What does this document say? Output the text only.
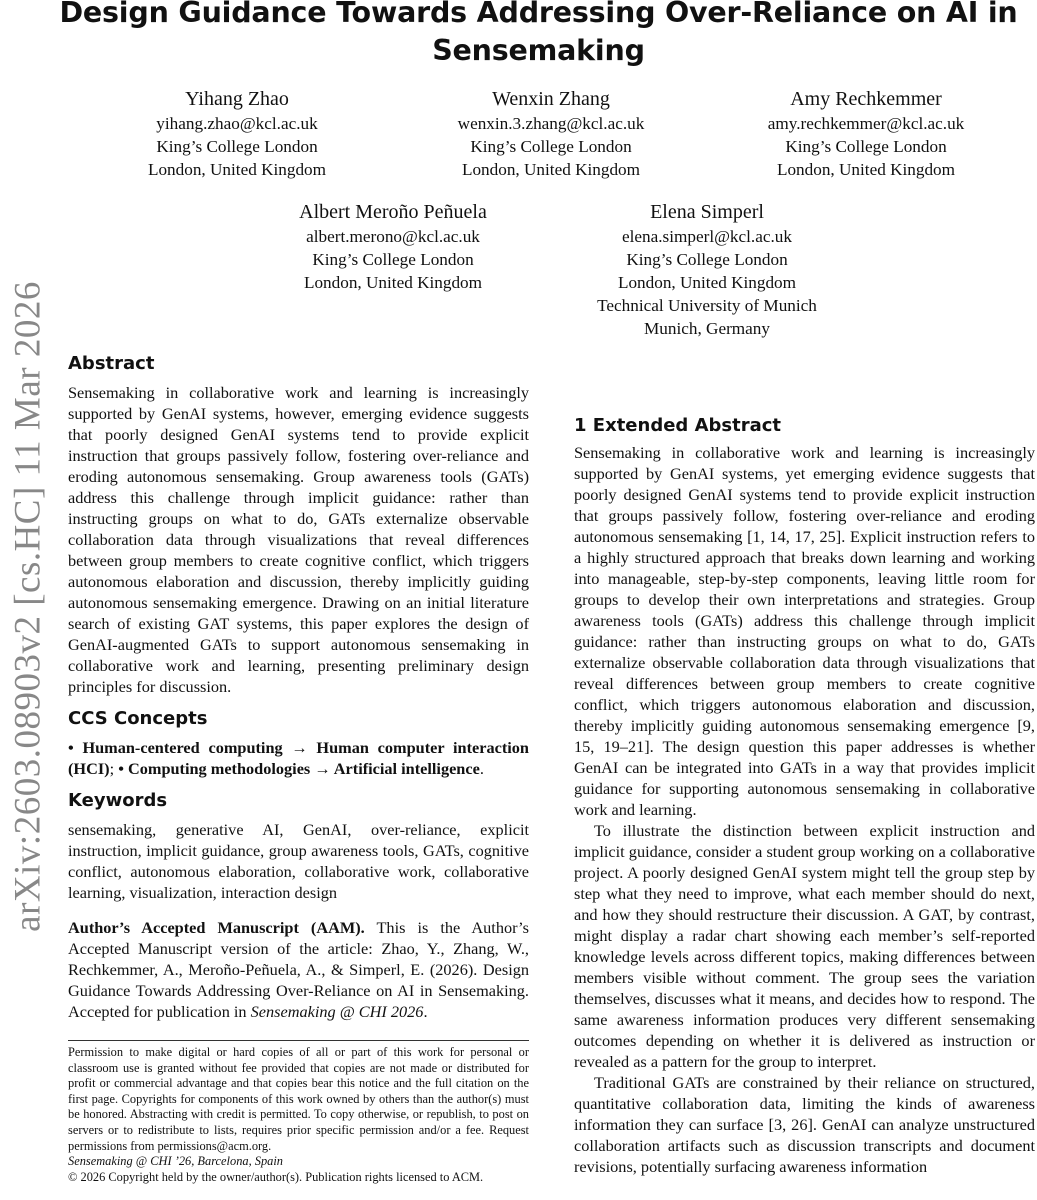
Design Guidance Towards Addressing Over-Reliance on AI in Sensemaking
arXiv:2603.08903v2 [cs.HC] 11 Mar 2026
Yihang Zhao
yihang.zhao@kcl.ac.uk
King’s College London
London, United Kingdom
Wenxin Zhang
wenxin.3.zhang@kcl.ac.uk
King’s College London
London, United Kingdom
Amy Rechkemmer
amy.rechkemmer@kcl.ac.uk
King’s College London
London, United Kingdom
Albert Meroño Peñuela
albert.merono@kcl.ac.uk
King’s College London
London, United Kingdom
Elena Simperl
elena.simperl@kcl.ac.uk
King’s College London
London, United Kingdom
Technical University of Munich
Munich, Germany
Abstract

Sensemaking in collaborative work and learning is increasingly supported by GenAI systems, however, emerging evidence suggests that poorly designed GenAI systems tend to provide explicit instruction that groups passively follow, fostering over-reliance and eroding autonomous sensemaking. Group awareness tools (GATs) address this challenge through implicit guidance: rather than instructing groups on what to do, GATs externalize observable collaboration data through visualizations that reveal differences between group members to create cognitive conflict, which triggers autonomous elaboration and discussion, thereby implicitly guiding autonomous sensemaking emergence. Drawing on an initial literature search of existing GAT systems, this paper explores the design of GenAI-augmented GATs to support autonomous sensemaking in collaborative work and learning, presenting preliminary design principles for discussion.

CCS Concepts

• Human-centered computing → Human computer interaction (HCI); • Computing methodologies → Artificial intelligence.

Keywords

sensemaking, generative AI, GenAI, over-reliance, explicit instruction, implicit guidance, group awareness tools, GATs, cognitive conflict, autonomous elaboration, collaborative work, collaborative learning, visualization, interaction design

Author’s Accepted Manuscript (AAM). This is the Author’s Accepted Manuscript version of the article: Zhao, Y., Zhang, W., Rechkemmer, A., Meroño-Peñuela, A., & Simperl, E. (2026). Design Guidance Towards Addressing Over-Reliance on AI in Sensemaking. Accepted for publication in Sensemaking @ CHI 2026.

Permission to make digital or hard copies of all or part of this work for personal or classroom use is granted without fee provided that copies are not made or distributed for profit or commercial advantage and that copies bear this notice and the full citation on the first page. Copyrights for components of this work owned by others than the author(s) must be honored. Abstracting with credit is permitted. To copy otherwise, or republish, to post on servers or to redistribute to lists, requires prior specific permission and/or a fee. Request permissions from permissions@acm.org.

Sensemaking @ CHI ’26, Barcelona, Spain

© 2026 Copyright held by the owner/author(s). Publication rights licensed to ACM.

1 Extended Abstract

Sensemaking in collaborative work and learning is increasingly supported by GenAI systems, yet emerging evidence suggests that poorly designed GenAI systems tend to provide explicit instruction that groups passively follow, fostering over-reliance and eroding autonomous sensemaking [1, 14, 17, 25]. Explicit instruction refers to a highly structured approach that breaks down learning and working into manageable, step-by-step components, leaving little room for groups to develop their own interpretations and strategies. Group awareness tools (GATs) address this challenge through implicit guidance: rather than instructing groups on what to do, GATs externalize observable collaboration data through visualizations that reveal differences between group members to create cognitive conflict, which triggers autonomous elaboration and discussion, thereby implicitly guiding autonomous sensemaking emergence [9, 15, 19–21]. The design question this paper addresses is whether GenAI can be integrated into GATs in a way that provides implicit guidance for supporting autonomous sensemaking in collaborative work and learning.

To illustrate the distinction between explicit instruction and implicit guidance, consider a student group working on a collaborative project. A poorly designed GenAI system might tell the group step by step what they need to improve, what each member should do next, and how they should restructure their discussion. A GAT, by contrast, might display a radar chart showing each member’s self-reported knowledge levels across different topics, making differences between members visible without comment. The group sees the variation themselves, discusses what it means, and decides how to respond. The same awareness information produces very different sensemaking outcomes depending on whether it is delivered as instruction or revealed as a pattern for the group to interpret.

Traditional GATs are constrained by their reliance on structured, quantitative collaboration data, limiting the kinds of awareness information they can surface [3, 26]. GenAI can analyze unstructured collaboration artifacts such as discussion transcripts and document revisions, potentially surfacing awareness information
